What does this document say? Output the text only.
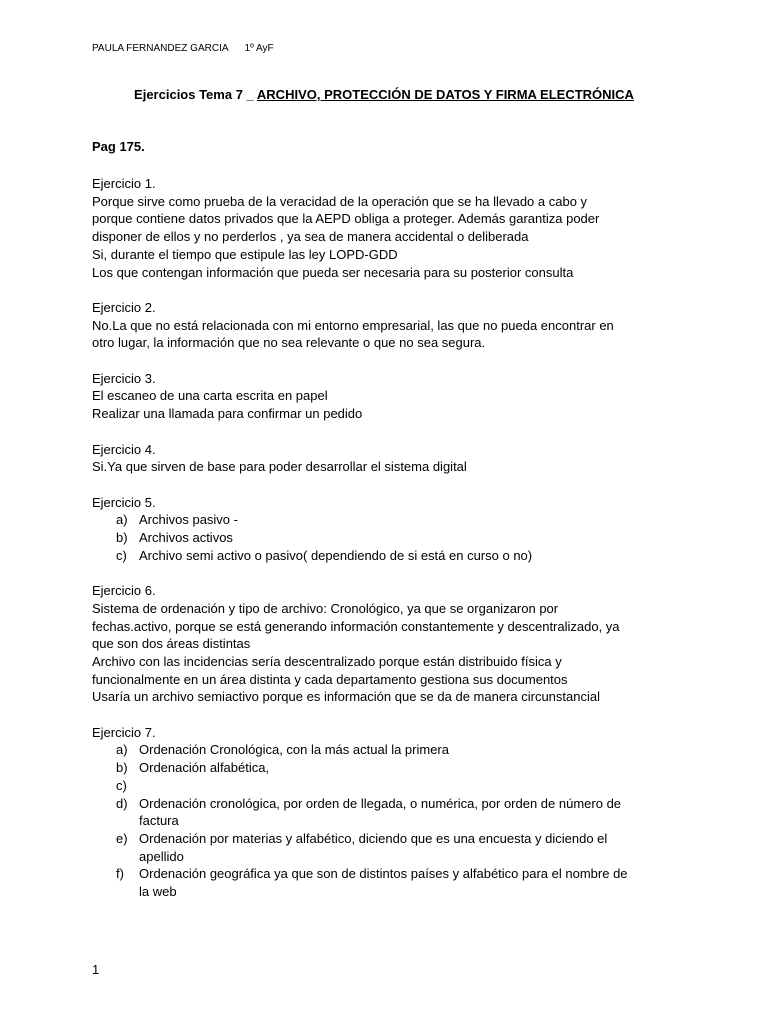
PAULA FERNANDEZ GARCIA 1º AyF
Ejercicios Tema 7 _ ARCHIVO, PROTECCIÓN DE DATOS Y FIRMA ELECTRÓNICA
Pag 175.
Ejercicio 1.
Porque sirve como prueba de la veracidad de la operación que se ha llevado a cabo y
porque contiene datos privados que la AEPD obliga a proteger. Además garantiza poder
disponer de ellos y no perderlos , ya sea de manera accidental o deliberada
Si, durante el tiempo que estipule las ley LOPD-GDD
Los que contengan información que pueda ser necesaria para su posterior consulta
Ejercicio 2.
No.La que no está relacionada con mi entorno empresarial, las que no pueda encontrar en
otro lugar, la información que no sea relevante o que no sea segura.
Ejercicio 3.
El escaneo de una carta escrita en papel
Realizar una llamada para confirmar un pedido
Ejercicio 4.
Si.Ya que sirven de base para poder desarrollar el sistema digital
Ejercicio 5.
a) Archivos pasivo -
b) Archivos activos
c) Archivo semi activo o pasivo( dependiendo de si está en curso o no)
Ejercicio 6.
Sistema de ordenación y tipo de archivo: Cronológico, ya que se organizaron por
fechas.activo, porque se está generando información constantemente y descentralizado, ya
que son dos áreas distintas
Archivo con las incidencias sería descentralizado porque están distribuido física y
funcionalmente en un área distinta y cada departamento gestiona sus documentos
Usaría un archivo semiactivo porque es información que se da de manera circunstancial
Ejercicio 7.
a) Ordenación Cronológica, con la más actual la primera
b) Ordenación alfabética,
c)
d) Ordenación cronológica, por orden de llegada, o numérica, por orden de número de
factura
e) Ordenación por materias y alfabético, diciendo que es una encuesta y diciendo el
apellido
f) Ordenación geográfica ya que son de distintos países y alfabético para el nombre de
la web
1
